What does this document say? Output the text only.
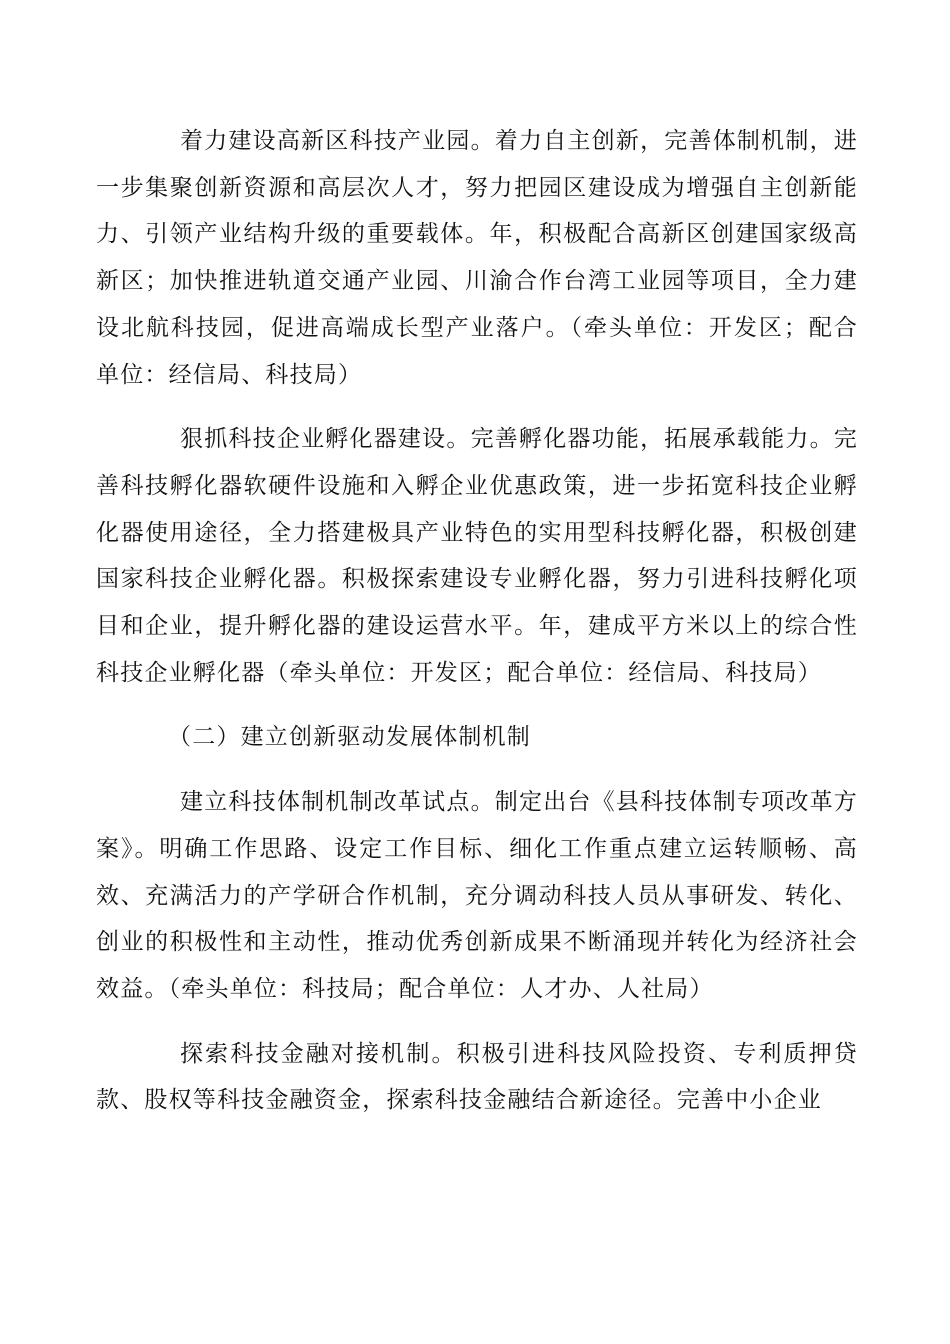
着力建设高新区科技产业园。着力自主创新，完善体制机制，进一步集聚创新资源和高层次人才，努力把园区建设成为增强自主创新能力、引领产业结构升级的重要载体。年，积极配合高新区创建国家级高新区；加快推进轨道交通产业园、川渝合作台湾工业园等项目，全力建设北航科技园，促进高端成长型产业落户。（牵头单位：开发区；配合单位：经信局、科技局）

狠抓科技企业孵化器建设。完善孵化器功能，拓展承载能力。完善科技孵化器软硬件设施和入孵企业优惠政策，进一步拓宽科技企业孵化器使用途径，全力搭建极具产业特色的实用型科技孵化器，积极创建国家科技企业孵化器。积极探索建设专业孵化器，努力引进科技孵化项目和企业，提升孵化器的建设运营水平。年，建成平方米以上的综合性科技企业孵化器（牵头单位：开发区；配合单位：经信局、科技局）

（二）建立创新驱动发展体制机制

建立科技体制机制改革试点。制定出台《县科技体制专项改革方案》。明确工作思路、设定工作目标、细化工作重点建立运转顺畅、高效、充满活力的产学研合作机制，充分调动科技人员从事研发、转化、创业的积极性和主动性，推动优秀创新成果不断涌现并转化为经济社会效益。（牵头单位：科技局；配合单位：人才办、人社局）

探索科技金融对接机制。积极引进科技风险投资、专利质押贷款、股权等科技金融资金，探索科技金融结合新途径。完善中小企业
